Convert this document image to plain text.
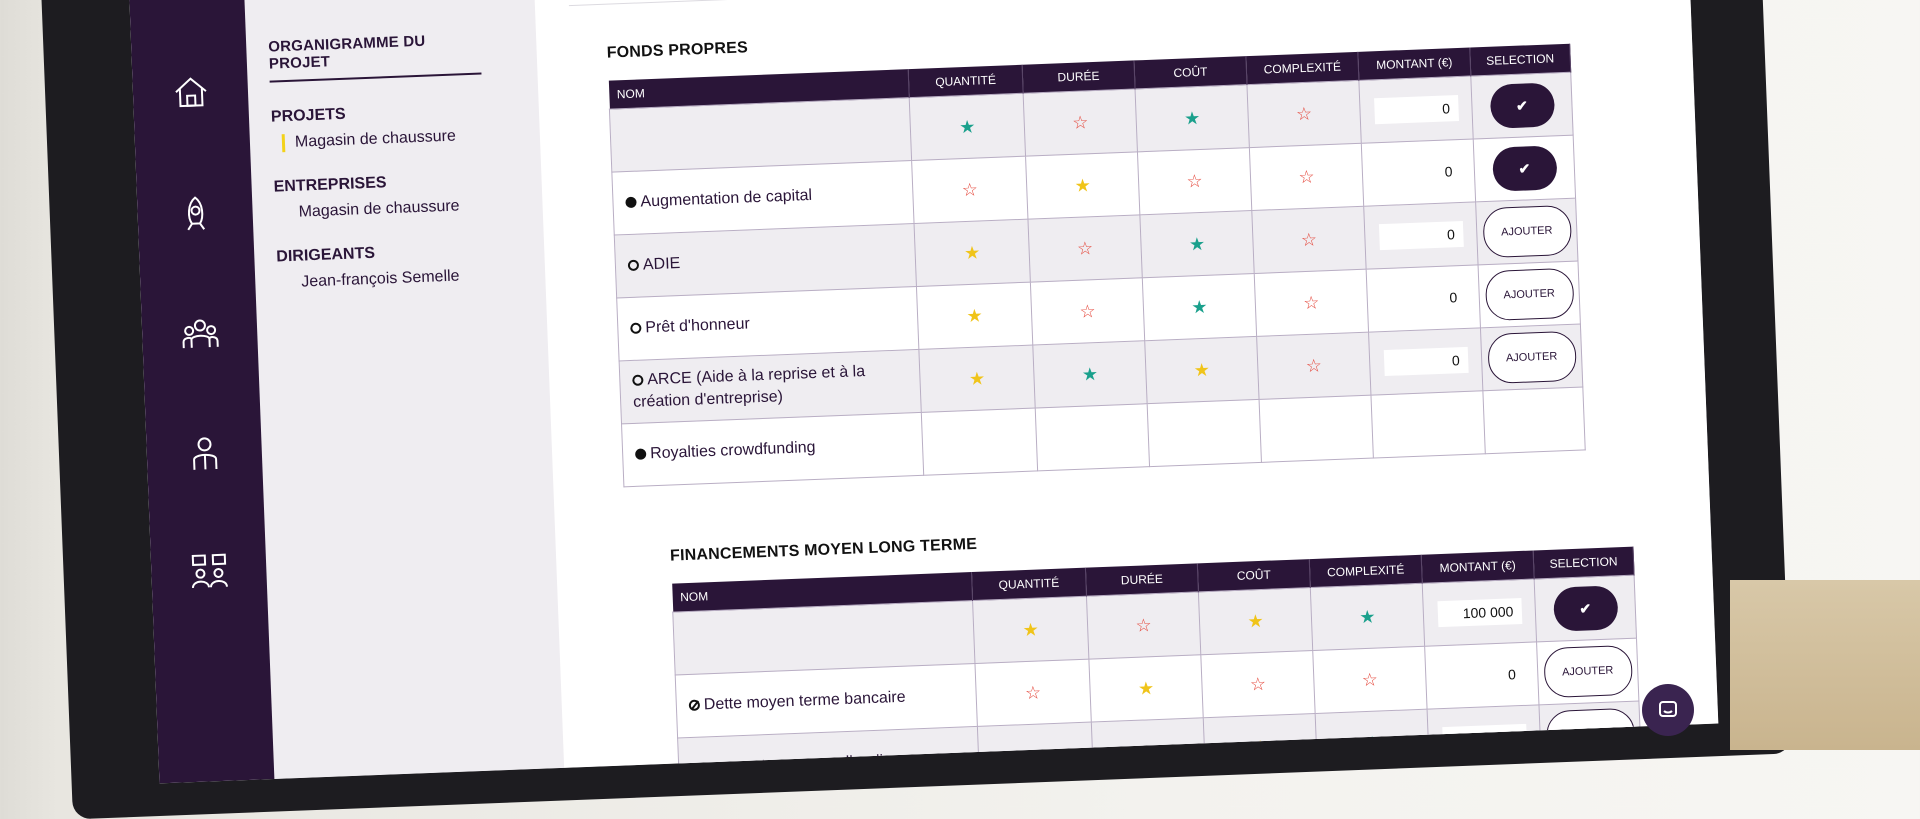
ORGANIGRAMME DU PROJET
PROJETS
Magasin de chaussure
ENTREPRISES
Magasin de chaussure
DIRIGEANTS
Jean-françois Semelle
FONDS PROPRES
NOM	QUANTITÉ	DURÉE	COÛT	COMPLEXITÉ	MONTANT (€)	SELECTION
	★	☆	★	☆	0	✔
Augmentation de capital	☆	★	☆	☆	0	✔
ADIE	★	☆	★	☆	0	AJOUTER
Prêt d'honneur	★	☆	★	☆	0	AJOUTER
ARCE (Aide à la reprise et à la création d'entreprise)	★	★	★	☆	0	AJOUTER
Royalties crowdfunding						
FINANCEMENTS MOYEN LONG TERME
NOM	QUANTITÉ	DURÉE	COÛT	COMPLEXITÉ	MONTANT (€)	SELECTION
	★	☆	★	★	100 000	✔
Dette moyen terme bancaire	☆	★	☆	☆	0	AJOUTER
